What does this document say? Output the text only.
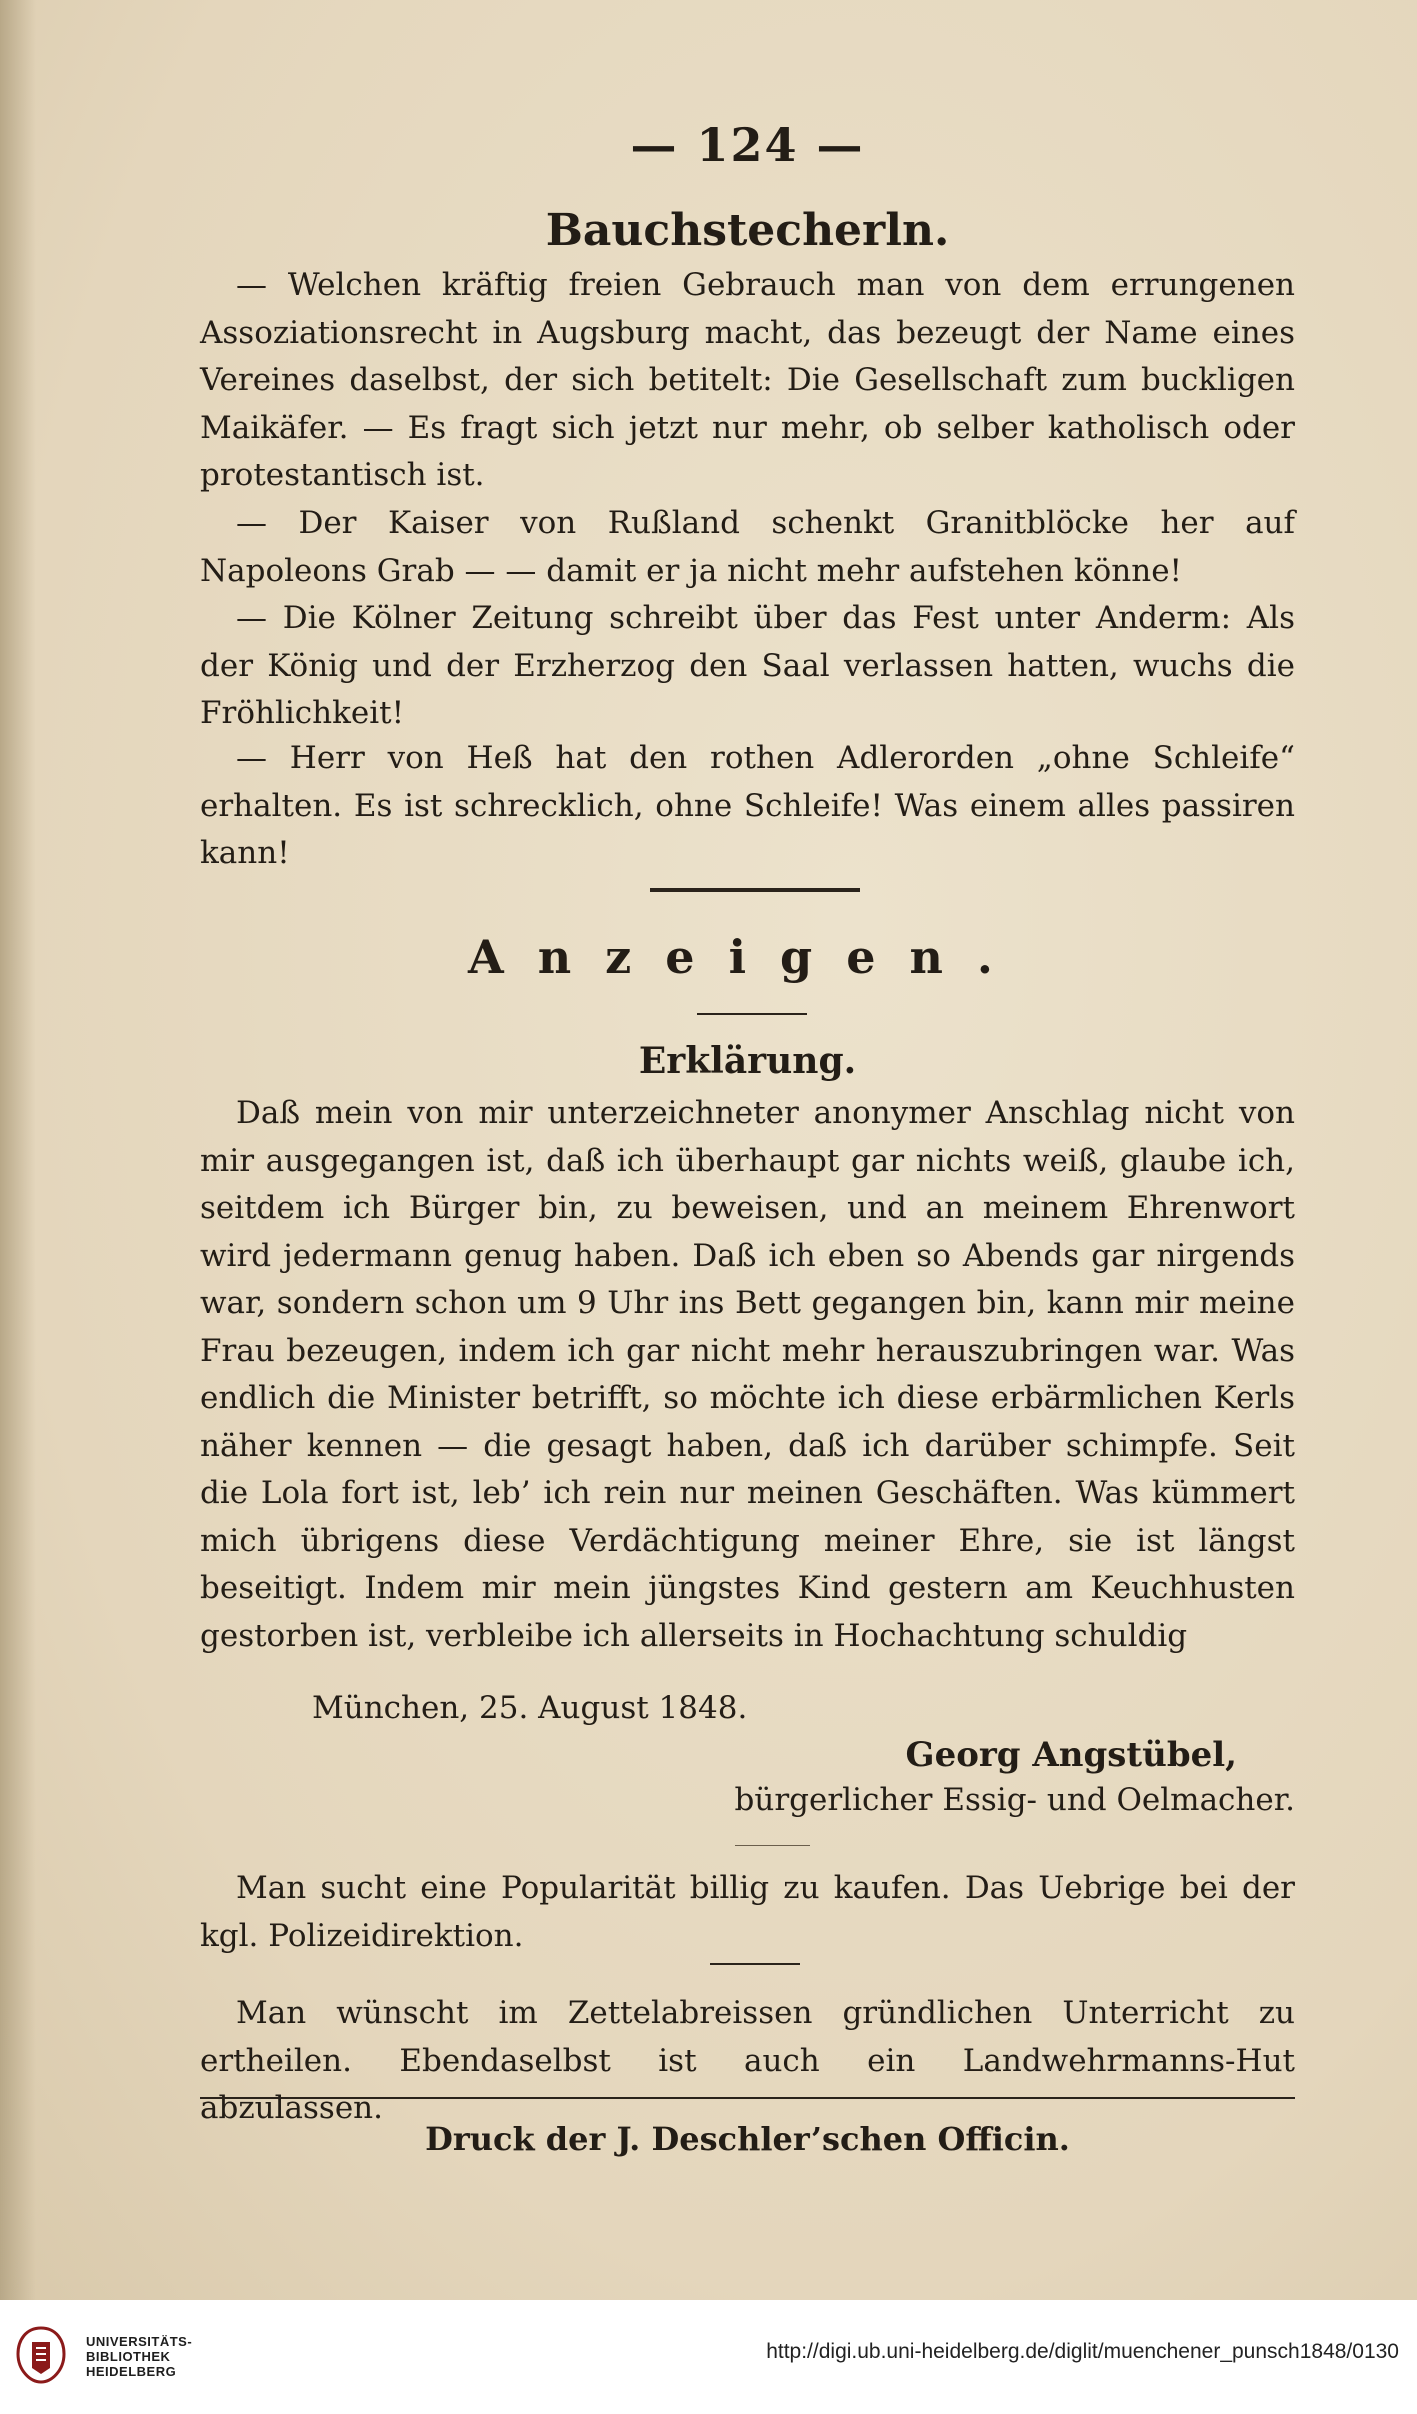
— 124 —
Bauchstecherln.

— Welchen kräftig freien Gebrauch man von dem errungenen Assoziationsrecht in Augsburg macht, das bezeugt der Name eines Vereines daselbst, der sich betitelt: Die Gesellschaft zum buckligen Maikäfer. — Es fragt sich jetzt nur mehr, ob selber katholisch oder protestantisch ist.

— Der Kaiser von Rußland schenkt Granitblöcke her auf Napoleons Grab — — damit er ja nicht mehr aufstehen könne!

— Die Kölner Zeitung schreibt über das Fest unter Anderm: Als der König und der Erzherzog den Saal verlassen hatten, wuchs die Fröhlichkeit!

— Herr von Heß hat den rothen Adlerorden „ohne Schleife“ erhalten. Es ist schrecklich, ohne Schleife! Was einem alles passiren kann!

Anzeigen.
Erklärung.

Daß mein von mir unterzeichneter anonymer Anschlag nicht von mir ausgegangen ist, daß ich überhaupt gar nichts weiß, glaube ich, seitdem ich Bürger bin, zu beweisen, und an meinem Ehrenwort wird jedermann genug haben. Daß ich eben so Abends gar nirgends war, sondern schon um 9 Uhr ins Bett gegangen bin, kann mir meine Frau bezeugen, indem ich gar nicht mehr herauszubringen war. Was endlich die Minister betrifft, so möchte ich diese erbärmlichen Kerls näher kennen — die gesagt haben, daß ich darüber schimpfe. Seit die Lola fort ist, leb’ ich rein nur meinen Geschäften. Was kümmert mich übrigens diese Verdächtigung meiner Ehre, sie ist längst beseitigt. Indem mir mein jüngstes Kind gestern am Keuchhusten gestorben ist, verbleibe ich allerseits in Hochachtung schuldig

München, 25. August 1848.
Georg Angstübel,
bürgerlicher Essig- und Oelmacher.

Man sucht eine Popularität billig zu kaufen. Das Uebrige bei der kgl. Polizeidirektion.

Man wünscht im Zettelabreissen gründlichen Unterricht zu ertheilen. Ebendaselbst ist auch ein Landwehrmanns-Hut abzulassen.

Druck der J. Deschler’schen Officin.
UNIVERSITÄTS-
BIBLIOTHEK
HEIDELBERG
http://digi.ub.uni-heidelberg.de/diglit/muenchener_punsch1848/0130
